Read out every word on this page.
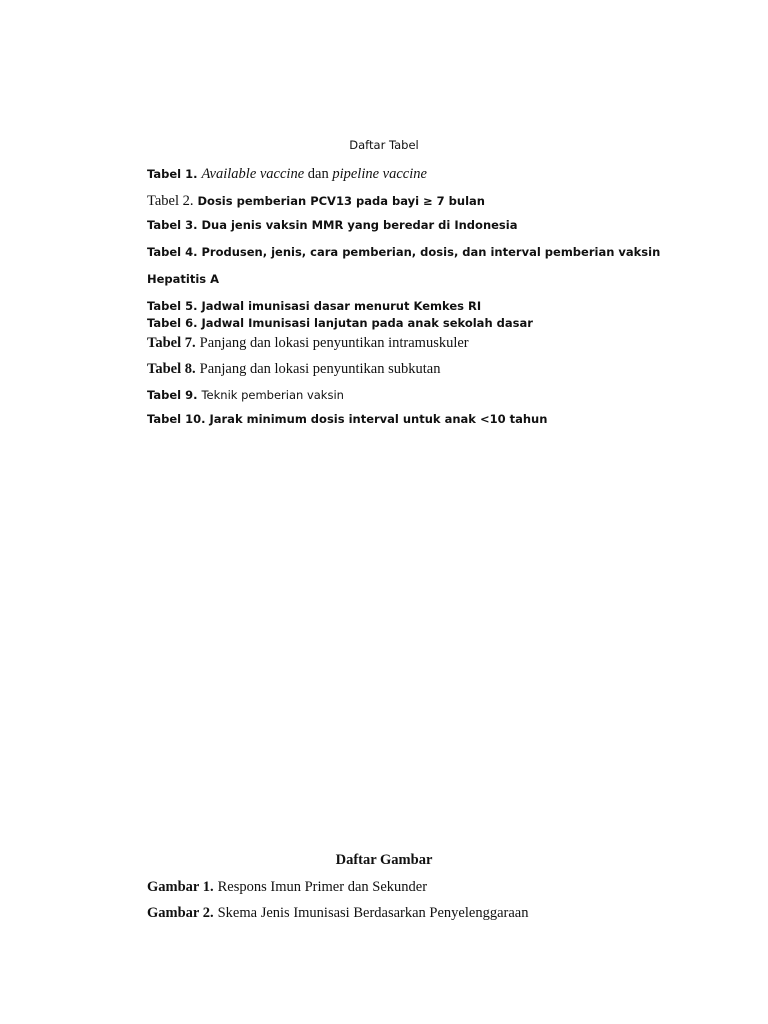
Daftar Tabel
Tabel 1. Available vaccine dan pipeline vaccine
Tabel 2. Dosis pemberian PCV13 pada bayi ≥ 7 bulan
Tabel 3. Dua jenis vaksin MMR yang beredar di Indonesia
Tabel 4. Produsen, jenis, cara pemberian, dosis, dan interval pemberian vaksin
Hepatitis A
Tabel 5. Jadwal imunisasi dasar menurut Kemkes RI
Tabel 6. Jadwal Imunisasi lanjutan pada anak sekolah dasar
Tabel 7. Panjang dan lokasi penyuntikan intramuskuler
Tabel 8. Panjang dan lokasi penyuntikan subkutan
Tabel 9. Teknik pemberian vaksin
Tabel 10. Jarak minimum dosis interval untuk anak <10 tahun
Daftar Gambar
Gambar 1. Respons Imun Primer dan Sekunder
Gambar 2. Skema Jenis Imunisasi Berdasarkan Penyelenggaraan
